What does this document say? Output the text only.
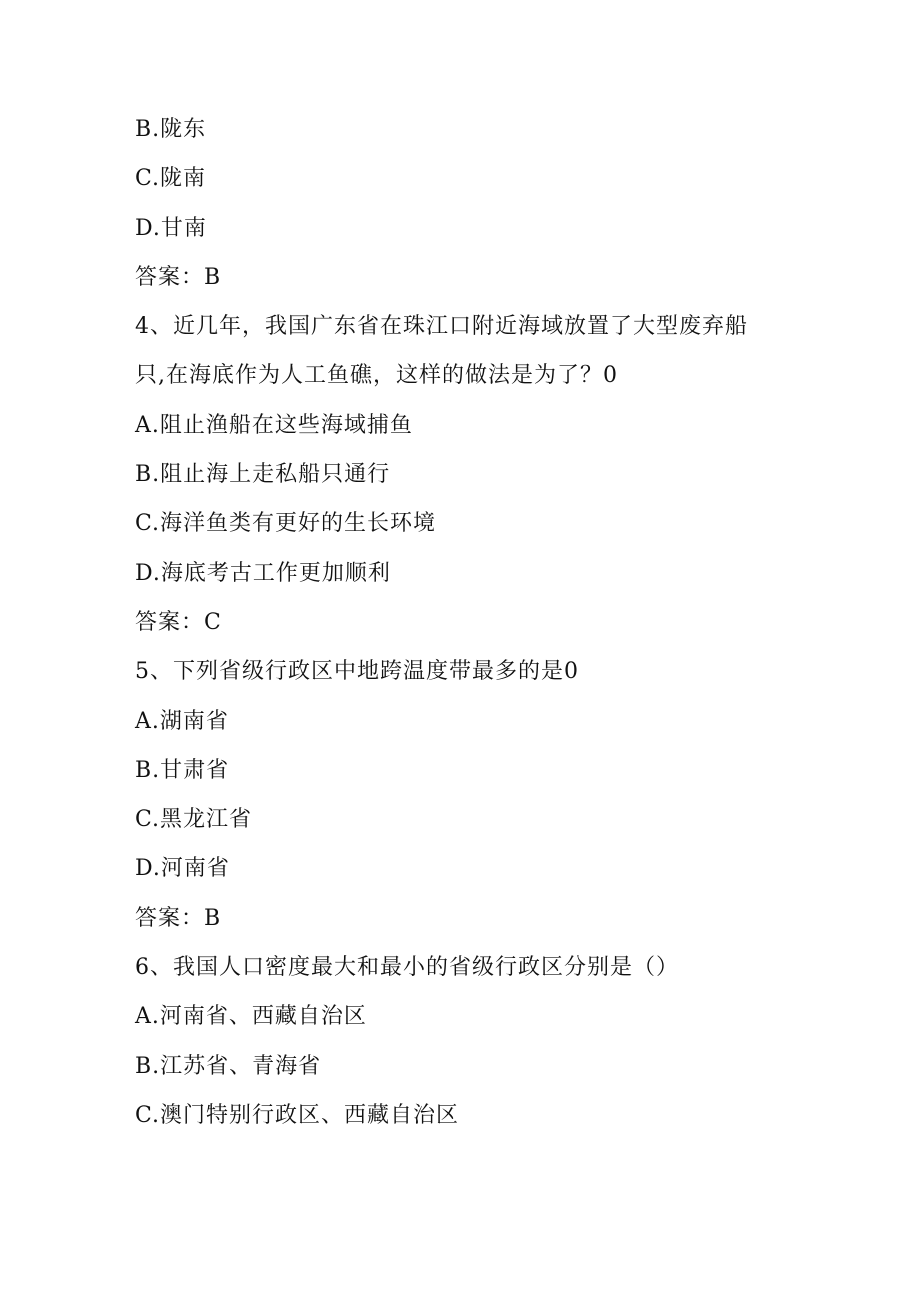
B.陇东
C.陇南
D.甘南
答案：B
4、近几年，我国广东省在珠江口附近海域放置了大型废弃船
只,在海底作为人工鱼礁，这样的做法是为了？0
A.阻止渔船在这些海域捕鱼
B.阻止海上走私船只通行
C.海洋鱼类有更好的生长环境
D.海底考古工作更加顺利
答案：C
5、下列省级行政区中地跨温度带最多的是0
A.湖南省
B.甘肃省
C.黑龙江省
D.河南省
答案：B
6、我国人口密度最大和最小的省级行政区分别是（）
A.河南省、西藏自治区
B.江苏省、青海省
C.澳门特别行政区、西藏自治区
